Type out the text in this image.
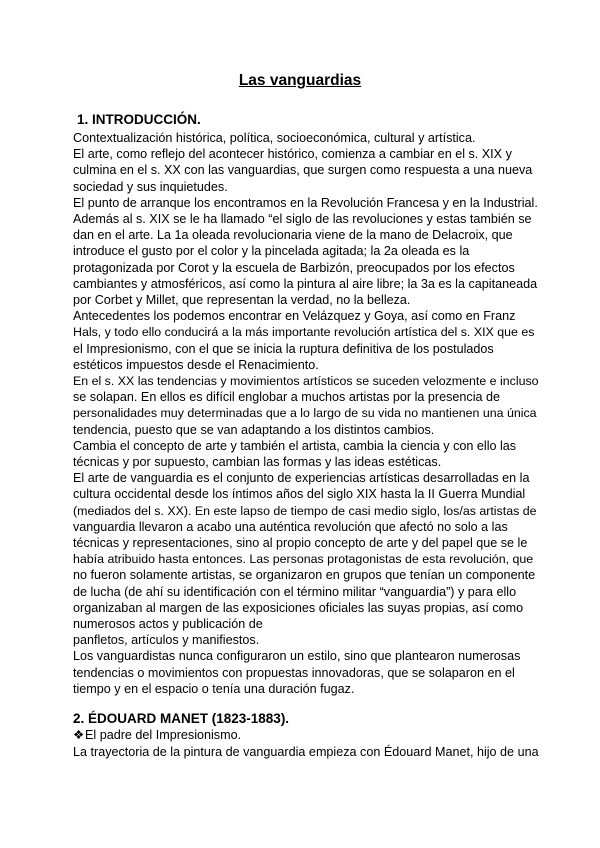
Las vanguardias
1. INTRODUCCIÓN.
Contextualización histórica, política, socioeconómica, cultural y artística.
El arte, como reflejo del acontecer histórico, comienza a cambiar en el s. XIX y
culmina en el s. XX con las vanguardias, que surgen como respuesta a una nueva
sociedad y sus inquietudes.
El punto de arranque los encontramos en la Revolución Francesa y en la Industrial.
Además al s. XIX se le ha llamado “el siglo de las revoluciones y estas también se
dan en el arte. La 1a oleada revolucionaria viene de la mano de Delacroix, que
introduce el gusto por el color y la pincelada agitada; la 2a oleada es la
protagonizada por Corot y la escuela de Barbizón, preocupados por los efectos
cambiantes y atmosféricos, así como la pintura al aire libre; la 3a es la capitaneada
por Corbet y Millet, que representan la verdad, no la belleza.
Antecedentes los podemos encontrar en Velázquez y Goya, así como en Franz
Hals, y todo ello conducirá a la más importante revolución artística del s. XIX que es
el Impresionismo, con el que se inicia la ruptura definitiva de los postulados
estéticos impuestos desde el Renacimiento.
En el s. XX las tendencias y movimientos artísticos se suceden velozmente e incluso
se solapan. En ellos es difícil englobar a muchos artistas por la presencia de
personalidades muy determinadas que a lo largo de su vida no mantienen una única
tendencia, puesto que se van adaptando a los distintos cambios.
Cambia el concepto de arte y también el artista, cambia la ciencia y con ello las
técnicas y por supuesto, cambian las formas y las ideas estéticas.
El arte de vanguardia es el conjunto de experiencias artísticas desarrolladas en la
cultura occidental desde los íntimos años del siglo XIX hasta la II Guerra Mundial
(mediados del s. XX). En este lapso de tiempo de casi medio siglo, los/as artistas de
vanguardia llevaron a acabo una auténtica revolución que afectó no solo a las
técnicas y representaciones, sino al propio concepto de arte y del papel que se le
había atribuido hasta entonces. Las personas protagonistas de esta revolución, que
no fueron solamente artistas, se organizaron en grupos que tenían un componente
de lucha (de ahí su identificación con el término militar “vanguardia”) y para ello
organizaban al margen de las exposiciones oficiales las suyas propias, así como
numerosos actos y publicación de
panfletos, artículos y manifiestos.
Los vanguardistas nunca configuraron un estilo, sino que plantearon numerosas
tendencias o movimientos con propuestas innovadoras, que se solaparon en el
tiempo y en el espacio o tenía una duración fugaz.
2. ÉDOUARD MANET (1823-1883).
❖El padre del Impresionismo.
La trayectoria de la pintura de vanguardia empieza con Édouard Manet, hijo de una
